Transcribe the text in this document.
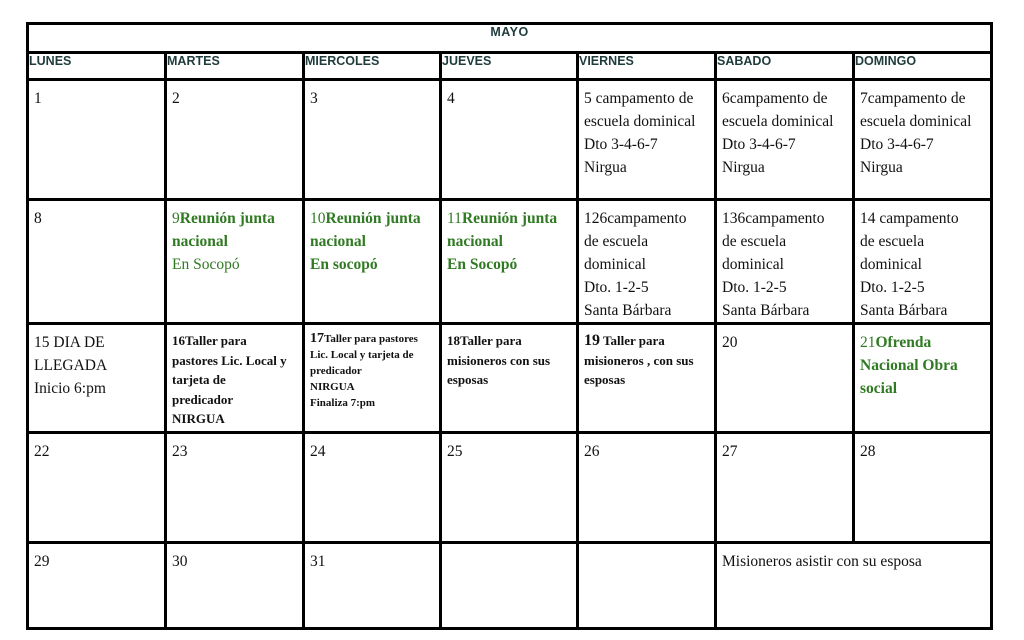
MAYO						
LUNES	MARTES	MIERCOLES	JUEVES	VIERNES	SABADO	DOMINGO

1	2	3	4	5 campamento de
escuela dominical
Dto 3-4-6-7
Nirgua	6campamento de
escuela dominical
Dto 3-4-6-7
Nirgua	7campamento de
escuela dominical
Dto 3-4-6-7
Nirgua

8	9Reunión junta
nacional
En Socopó	10Reunión junta
nacional
En socopó	11Reunión junta
nacional
En Socopó	126campamento
de escuela
dominical
Dto. 1-2-5
Santa Bárbara	136campamento
de escuela
dominical
Dto. 1-2-5
Santa Bárbara	14 campamento
de escuela
dominical
Dto. 1-2-5
Santa Bárbara

15 DIA DE
LLEGADA
Inicio 6:pm	16Taller para
pastores Lic. Local y
tarjeta de
predicador
NIRGUA	17Taller para pastores
Lic. Local y tarjeta de
predicador
NIRGUA
Finaliza 7:pm	18Taller para
misioneros con sus
esposas	19 Taller para
misioneros , con sus
esposas	20	21Ofrenda
Nacional Obra
social

22	23	24	25	26	27	28

29	30	31			Misioneros asistir con su esposa	
